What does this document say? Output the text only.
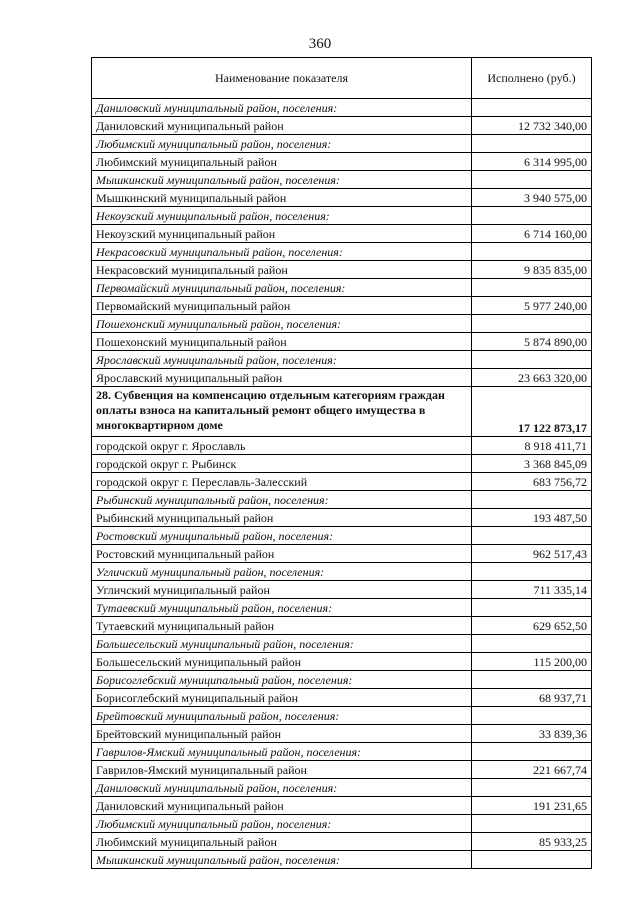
360
Наименование показателя	Исполнено (руб.)
Даниловский муниципальный район, поселения:	
Даниловский муниципальный район	12 732 340,00
Любимский муниципальный район, поселения:	
Любимский муниципальный район	6 314 995,00
Мышкинский муниципальный район, поселения:	
Мышкинский муниципальный район	3 940 575,00
Некоузский муниципальный район, поселения:	
Некоузский муниципальный район	6 714 160,00
Некрасовский муниципальный район, поселения:	
Некрасовский муниципальный район	9 835 835,00
Первомайский муниципальный район, поселения:	
Первомайский муниципальный район	5 977 240,00
Пошехонский муниципальный район, поселения:	
Пошехонский муниципальный район	5 874 890,00
Ярославский муниципальный район, поселения:	
Ярославский муниципальный район	23 663 320,00
28. Субвенция на компенсацию отдельным категориям граждан оплаты взноса на капитальный ремонт общего имущества в многоквартирном доме	17 122 873,17
городской округ г. Ярославль	8 918 411,71
городской округ г. Рыбинск	3 368 845,09
городской округ г. Переславль-Залесский	683 756,72
Рыбинский муниципальный район, поселения:	
Рыбинский муниципальный район	193 487,50
Ростовский муниципальный район, поселения:	
Ростовский муниципальный район	962 517,43
Угличский муниципальный район, поселения:	
Угличский муниципальный район	711 335,14
Тутаевский муниципальный район, поселения:	
Тутаевский муниципальный район	629 652,50
Большесельский муниципальный район, поселения:	
Большесельский муниципальный район	115 200,00
Борисоглебский муниципальный район, поселения:	
Борисоглебский муниципальный район	68 937,71
Брейтовский муниципальный район, поселения:	
Брейтовский муниципальный район	33 839,36
Гаврилов-Ямский муниципальный район, поселения:	
Гаврилов-Ямский муниципальный район	221 667,74
Даниловский муниципальный район, поселения:	
Даниловский муниципальный район	191 231,65
Любимский муниципальный район, поселения:	
Любимский муниципальный район	85 933,25
Мышкинский муниципальный район, поселения:	
